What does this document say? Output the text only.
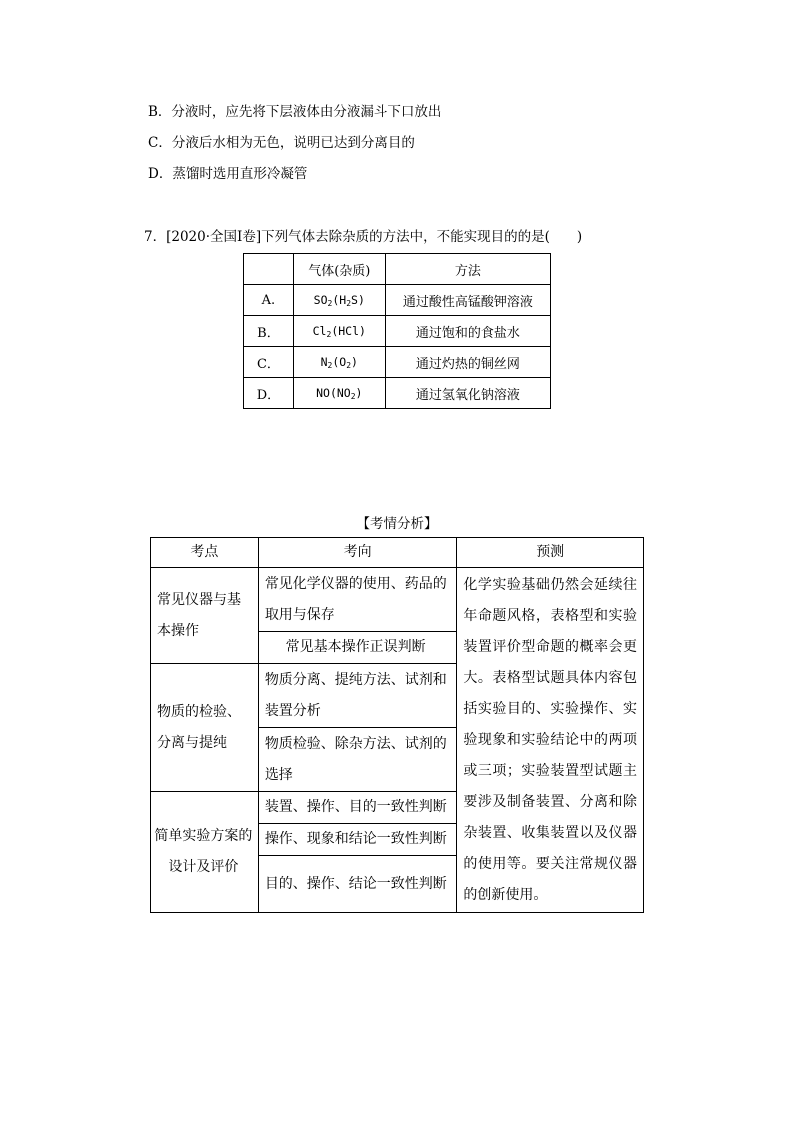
B．分液时，应先将下层液体由分液漏斗下口放出
C．分液后水相为无色，说明已达到分离目的
D．蒸馏时选用直形冷凝管
7．[2020·全国Ⅰ卷]下列气体去除杂质的方法中，不能实现目的的是(　　)
	气体(杂质)	方法
A.	$SO_2(H_2S)$	通过酸性高锰酸钾溶液
B．	$Cl_2(HCl)$	通过饱和的食盐水
C．	$N_2(O_2)$	通过灼热的铜丝网
D．	$NO(NO_2)$	通过氢氧化钠溶液
【考情分析】
考点	考向	预测
常见仪器与基本操作	常见化学仪器的使用、药品的取用与保存	化学实验基础仍然会延续往年命题风格，表格型和实验装置评价型命题的概率会更大。表格型试题具体内容包括实验目的、实验操作、实验现象和实验结论中的两项或三项；实验装置型试题主要涉及制备装置、分离和除杂装置、收集装置以及仪器的使用等。要关注常规仪器的创新使用。
	常见基本操作正误判断	
物质的检验、分离与提纯	物质分离、提纯方法、试剂和装置分析	
	物质检验、除杂方法、试剂的选择	
简单实验方案的设计及评价	装置、操作、目的一致性判断	
	操作、现象和结论一致性判断	
	目的、操作、结论一致性判断	
